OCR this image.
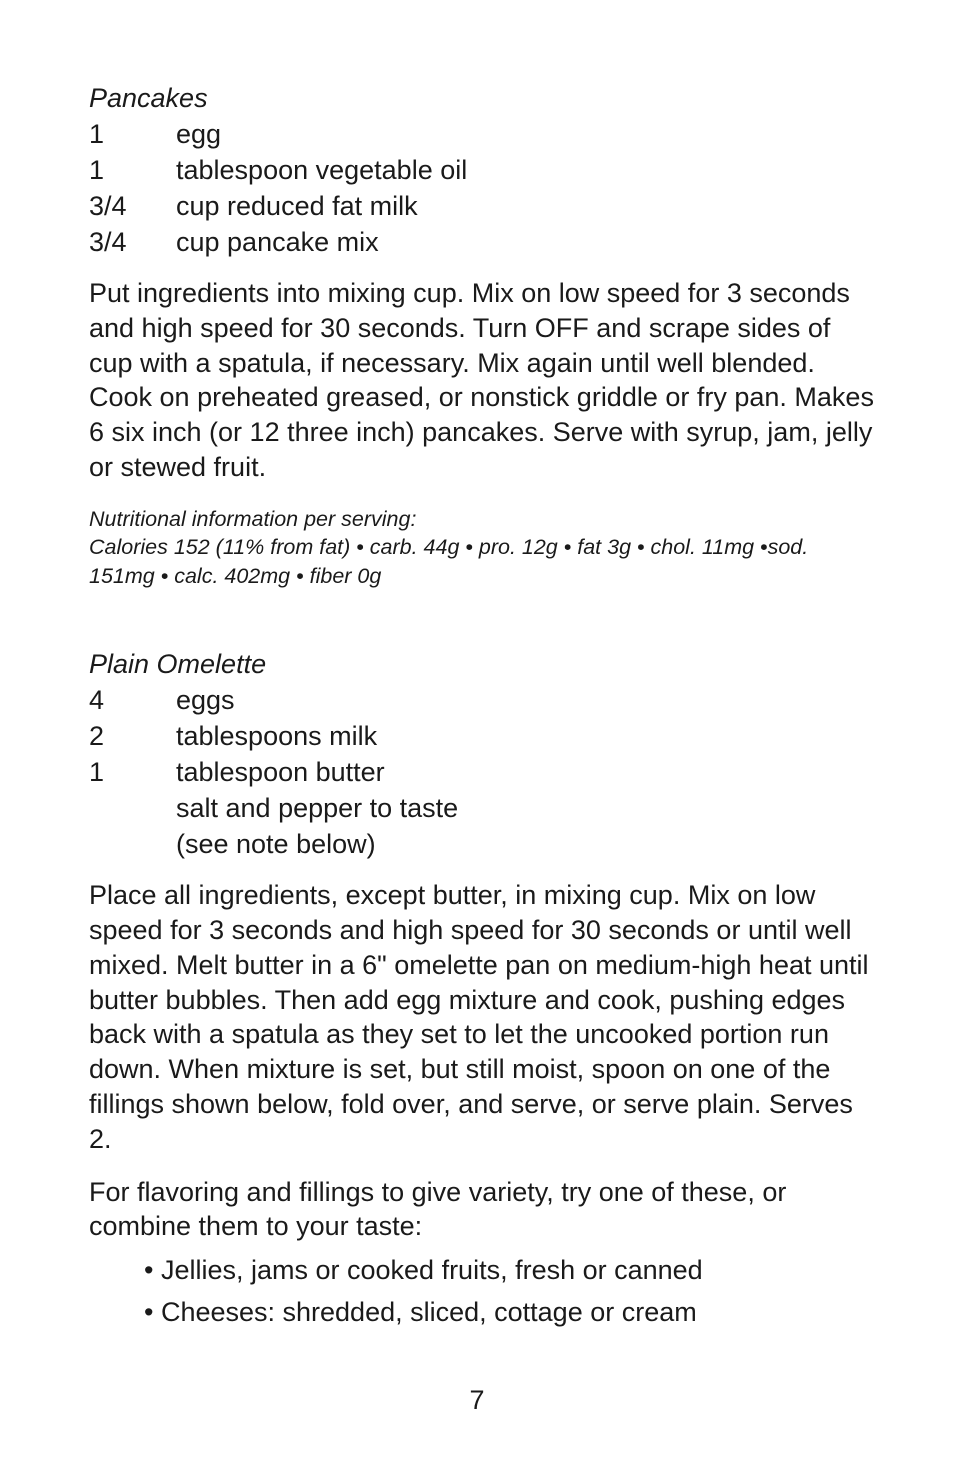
Pancakes
1	egg
1	tablespoon vegetable oil
3/4	cup reduced fat milk
3/4	cup pancake mix

Put ingredients into mixing cup. Mix on low speed for 3 seconds and high speed for 30 seconds. Turn OFF and scrape sides of cup with a spatula, if necessary. Mix again until well blended. Cook on preheated greased, or nonstick griddle or fry pan. Makes 6 six inch (or 12 three inch) pancakes. Serve with syrup, jam, jelly or stewed fruit.

Nutritional information per serving:
Calories 152 (11% from fat) • carb. 44g • pro. 12g • fat 3g • chol. 11mg •sod. 151mg • calc. 402mg • fiber 0g
Plain Omelette
4	eggs
2	tablespoons milk
1	tablespoon butter
salt and pepper to taste
(see note below)

Place all ingredients, except butter, in mixing cup. Mix on low speed for 3 seconds and high speed for 30 seconds or until well mixed. Melt butter in a 6" omelette pan on medium-high heat until butter bubbles. Then add egg mixture and cook, pushing edges back with a spatula as they set to let the uncooked portion run down. When mixture is set, but still moist, spoon on one of the fillings shown below, fold over, and serve, or serve plain. Serves 2.

For flavoring and fillings to give variety, try one of these, or combine them to your taste:

• Jellies, jams or cooked fruits, fresh or canned
• Cheeses: shredded, sliced, cottage or cream
7
